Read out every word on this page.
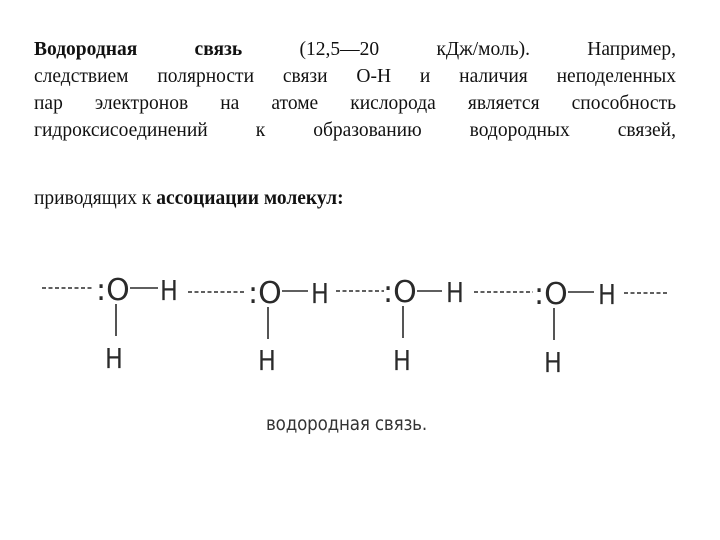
Водородная связь (12,5—20 кДж/моль). Например,

следствием полярности связи O-H и наличия неподеленных

пар электронов на атоме кислорода является способность

гидроксисоединений к образованию водородных связей,

приводящих к ассоциации молекул:

:O	:O	:O	:O
H	H	H	H
H	H	H	H
водородная связь.
